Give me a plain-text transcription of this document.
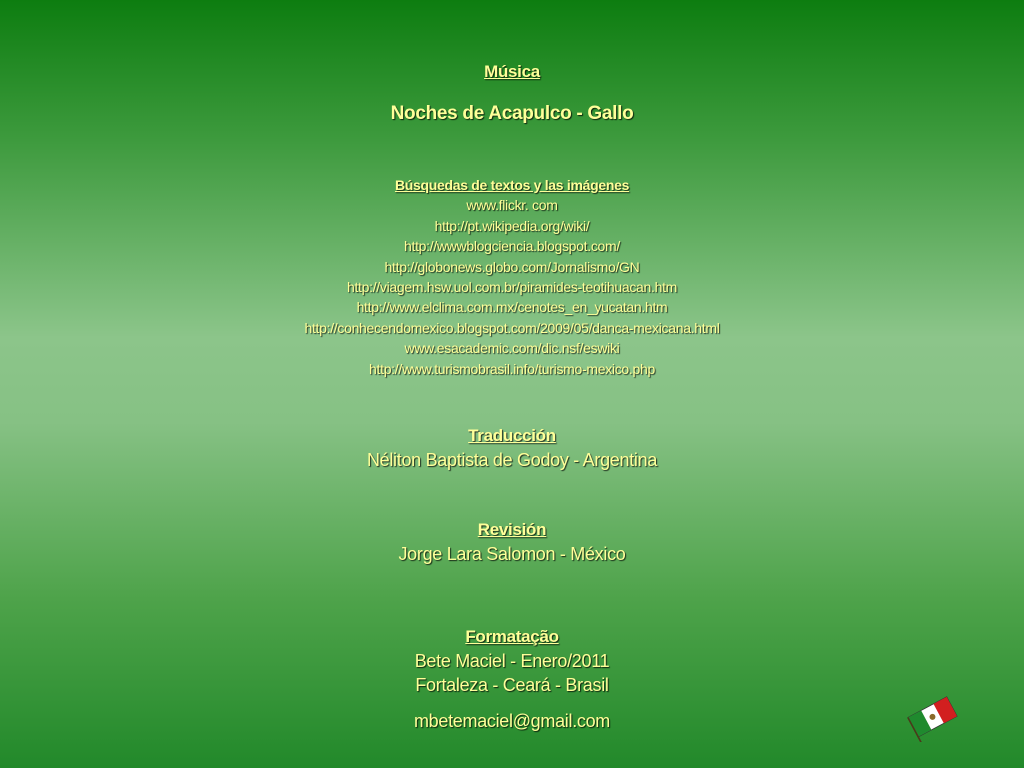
Música
Noches de Acapulco - Gallo
Búsquedas de textos y las imágenes
www.flickr. com
http://pt.wikipedia.org/wiki/
http://wwwblogciencia.blogspot.com/
http://globonews.globo.com/Jornalismo/GN
http://viagem.hsw.uol.com.br/piramides-teotihuacan.htm
http://www.elclima.com.mx/cenotes_en_yucatan.htm
http://conhecendomexico.blogspot.com/2009/05/danca-mexicana.html
www.esacademic.com/dic.nsf/eswiki
http://www.turismobrasil.info/turismo-mexico.php
Traducción
Néliton Baptista de Godoy - Argentina
Revisión
Jorge Lara Salomon - México
Formatação
Bete Maciel - Enero/2011
Fortaleza - Ceará - Brasil
mbetemaciel@gmail.com
